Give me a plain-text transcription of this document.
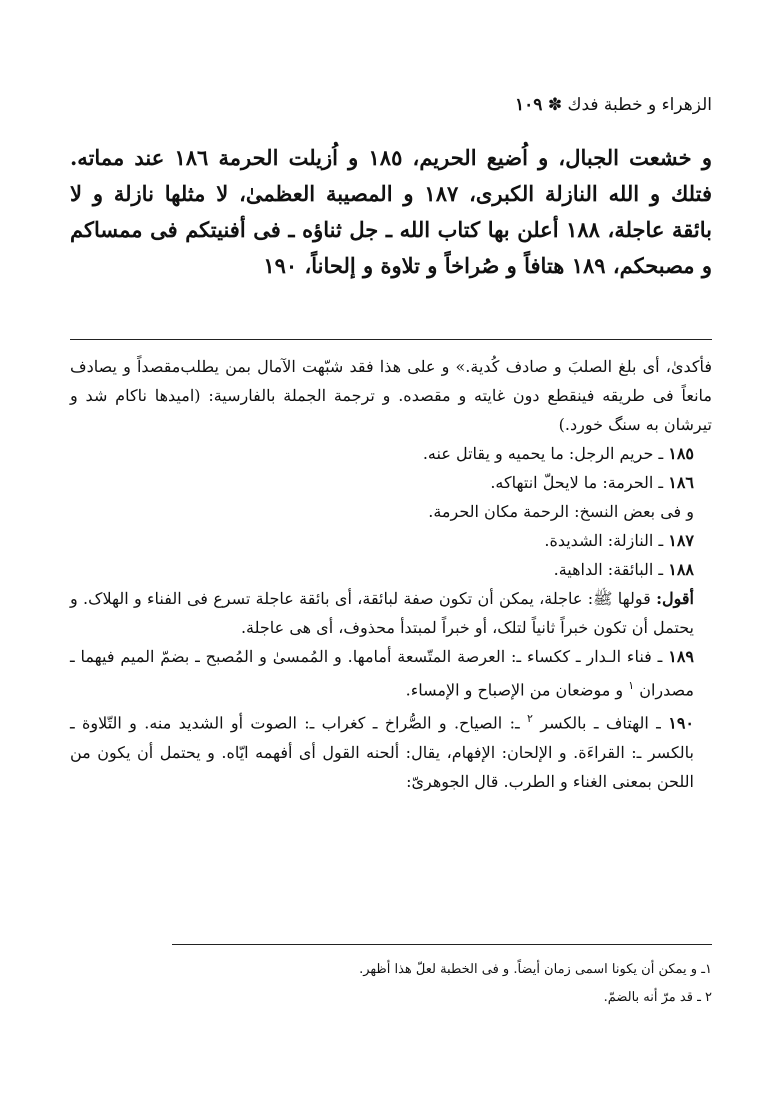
الزهراء و خطبة فدك ✽ ١٠٩

و خشعت الجبال، و اُضيع الحريم، ١٨٥ و اُزيلت الحرمة ١٨٦ عند مماته. فتلك و الله النازلة الكبرى، ١٨٧ و المصيبة العظمىٰ، لا مثلها نازلة و لا بائقة عاجلة، ١٨٨ أعلن بها كتاب الله ـ جل ثناؤه ـ فى أفنيتكم فى ممساكم و مصبحكم، ١٨٩ هتافاً و صُراخاً و تلاوة و إلحاناً، ١٩٠

فأكدىٰ، أى بلغ الصلبَ و صادف كُدية.» و على هذا فقد شبّهت الآمال بمن يطلب‌مقصداً و يصادف مانعاً فى طريقه فينقطع دون غايته و مقصده. و ترجمة الجملة بالفارسية: (اميدها ناكام شد و تيرشان به سنگ خورد.)

١٨٥ ـ حريم الرجل: ما يحميه و يقاتل عنه.

١٨٦ ـ الحرمة: ما لايحلّ انتهاكه.

و فى بعض النسخ: الرحمة مكان الحرمة.

١٨٧ ـ النازلة: الشديدة.

١٨٨ ـ البائقة: الداهية.

أقول: قولها ﷺ: عاجلة، يمكن أن تكون صفة لبائقة، أى بائقة عاجلة تسرع فى الفناء و الهلاک. و يحتمل أن تكون خبراً ثانياً لتلک، أو خبراً لمبتدأ محذوف، أى هى عاجلة.

١٨٩ ـ فناء الـدار ـ ككساء ـ: العرصة المتّسعة أمامها. و المُمسىٰ و المُصبح ـ بضمّ الميم فيهما ـ مصدران $^١$ و موضعان من الإصباح و الإمساء.

١٩٠ ـ الهتاف ـ بالكسر $^٢$ ـ: الصياح. و الصُّراخ ـ كغراب ـ: الصوت أو الشديد منه. و التّلاوة ـ بالكسر ـ: القراءَة. و الإلحان: الإفهام، يقال: ألحنه القول أى أفهمه ايّاه. و يحتمل أن يكون من اللحن بمعنى الغناء و الطرب. قال الجوهرىّ:

١ـ و يمكن أن يكونا اسمى زمان أيضاً. و فى الخطبة لعلّ هذا أظهر.

٢ ـ قد مرّ أنه بالضمّ.
